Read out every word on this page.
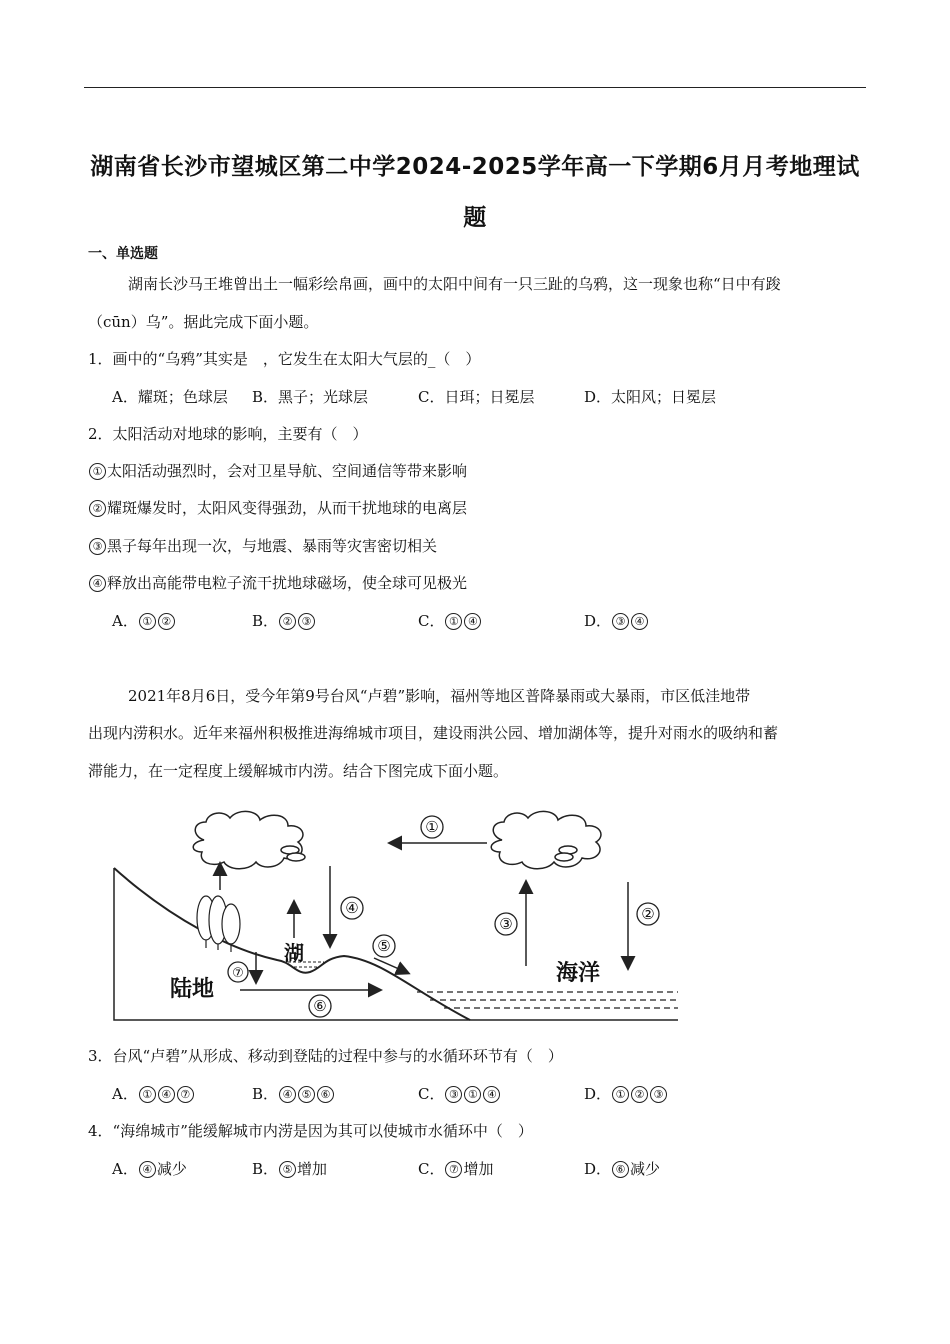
湖南省长沙市望城区第二中学2024-2025学年高一下学期6月月考地理试
题
一、单选题
湖南长沙马王堆曾出土一幅彩绘帛画，画中的太阳中间有一只三趾的乌鸦，这一现象也称“日中有踆
（cūn）乌”。据此完成下面小题。
1．画中的“乌鸦”其实是　，它发生在太阳大气层的_（　）
A．耀斑；色球层 B．黑子；光球层	C．日珥；日冕层	D．太阳风；日冕层
2．太阳活动对地球的影响，主要有（　）
① 太阳活动强烈时，会对卫星导航、空间通信等带来影响
② 耀斑爆发时，太阳风变得强劲，从而干扰地球的电离层
③ 黑子每年出现一次，与地震、暴雨等灾害密切相关
④ 释放出高能带电粒子流干扰地球磁场，使全球可见极光
A． ① ②	B． ② ③	C． ① ④	D． ③ ④
2021年8月6日，受今年第9号台风“卢碧”影响，福州等地区普降暴雨或大暴雨，市区低洼地带
出现内涝积水。近年来福州积极推进海绵城市项目，建设雨洪公园、增加湖体等，提升对雨水的吸纳和蓄
滞能力，在一定程度上缓解城市内涝。结合下图完成下面小题。
①
②
③
④
⑤
⑥
⑦
陆地
湖
海洋
3．台风“卢碧”从形成、移动到登陆的过程中参与的水循环环节有（　）
A． ① ④ ⑦	B． ④ ⑤ ⑥	C． ③ ① ④	D． ① ② ③
4．“海绵城市”能缓解城市内涝是因为其可以使城市水循环中（　）
A． ④ 减少	B． ⑤ 增加	C． ⑦ 增加	D． ⑥ 减少
